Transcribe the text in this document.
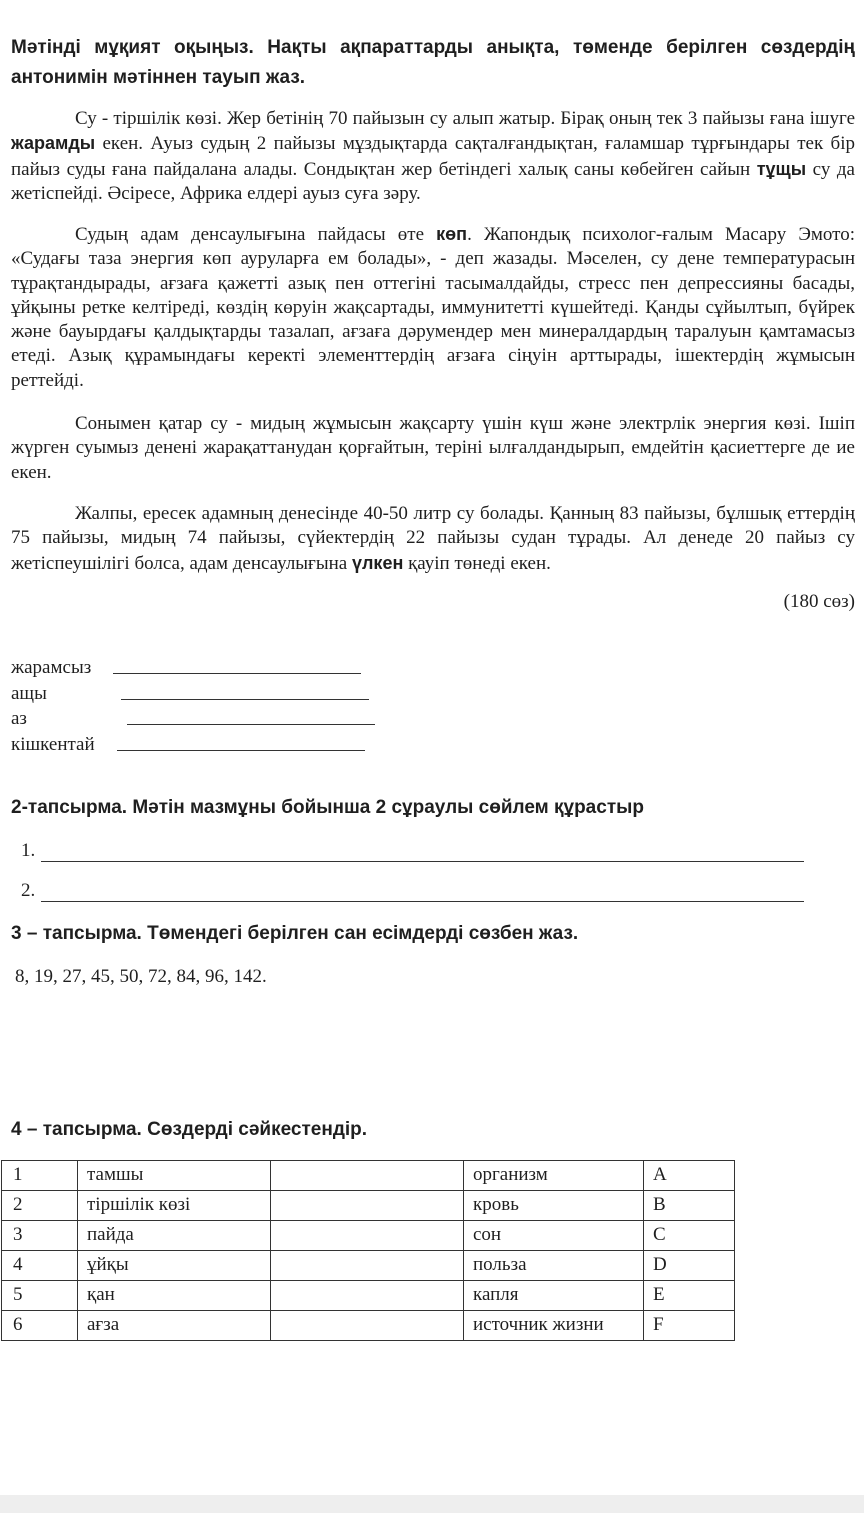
Мәтінді мұқият оқыңыз. Нақты ақпараттарды анықта, төменде берілген сөздердің антонимін мәтіннен тауып жаз.
Су - тіршілік көзі. Жер бетінің 70 пайызын су алып жатыр. Бірақ оның тек 3 пайызы ғана ішуге жарамды екен. Ауыз судың 2 пайызы мұздықтарда сақталғандықтан, ғаламшар тұрғындары тек бір пайыз суды ғана пайдалана алады. Сондықтан жер бетіндегі халық саны көбейген сайын тұщы су да жетіспейді. Әсіресе, Африка елдері ауыз суға зәру.
Судың адам денсаулығына пайдасы өте көп. Жапондық психолог-ғалым Масару Эмото: «Судағы таза энергия көп ауруларға ем болады», - деп жазады. Мәселен, су дене температурасын тұрақтандырады, ағзаға қажетті азық пен оттегіні тасымалдайды, стресс пен депрессияны басады, ұйқыны ретке келтіреді, көздің көруін жақсартады, иммунитетті күшейтеді. Қанды сұйылтып, бүйрек және бауырдағы қалдықтарды тазалап, ағзаға дәрумендер мен минералдардың таралуын қамтамасыз етеді. Азық құрамындағы керекті элементтердің ағзаға сіңуін арттырады, ішектердің жұмысын реттейді.
Сонымен қатар су - мидың жұмысын жақсарту үшін күш және электрлік энергия көзі. Ішіп жүрген суымыз денені жарақаттанудан қорғайтын, теріні ылғалдандырып, емдейтін қасиеттерге де ие екен.
Жалпы, ересек адамның денесінде 40-50 литр су болады. Қанның 83 пайызы, бұлшық еттердің 75 пайызы, мидың 74 пайызы, сүйектердің 22 пайызы судан тұрады. Ал денеде 20 пайыз су жетіспеушілігі болса, адам денсаулығына үлкен қауіп төнеді екен.
(180 сөз)
жарамсыз
ащы
аз
кішкентай
2-тапсырма. Мәтін мазмұны бойынша 2 сұраулы сөйлем құрастыр
1.
2.
3 – тапсырма. Төмендегі берілген сан есімдерді сөзбен жаз.
8, 19, 27, 45, 50, 72, 84, 96, 142.
4 – тапсырма. Сөздерді сәйкестендір.
1	тамшы		организм	A
2	тіршілік көзі		кровь	B
3	пайда		сон	C
4	ұйқы		польза	D
5	қан		капля	E
6	ағза		источник жизни	F
